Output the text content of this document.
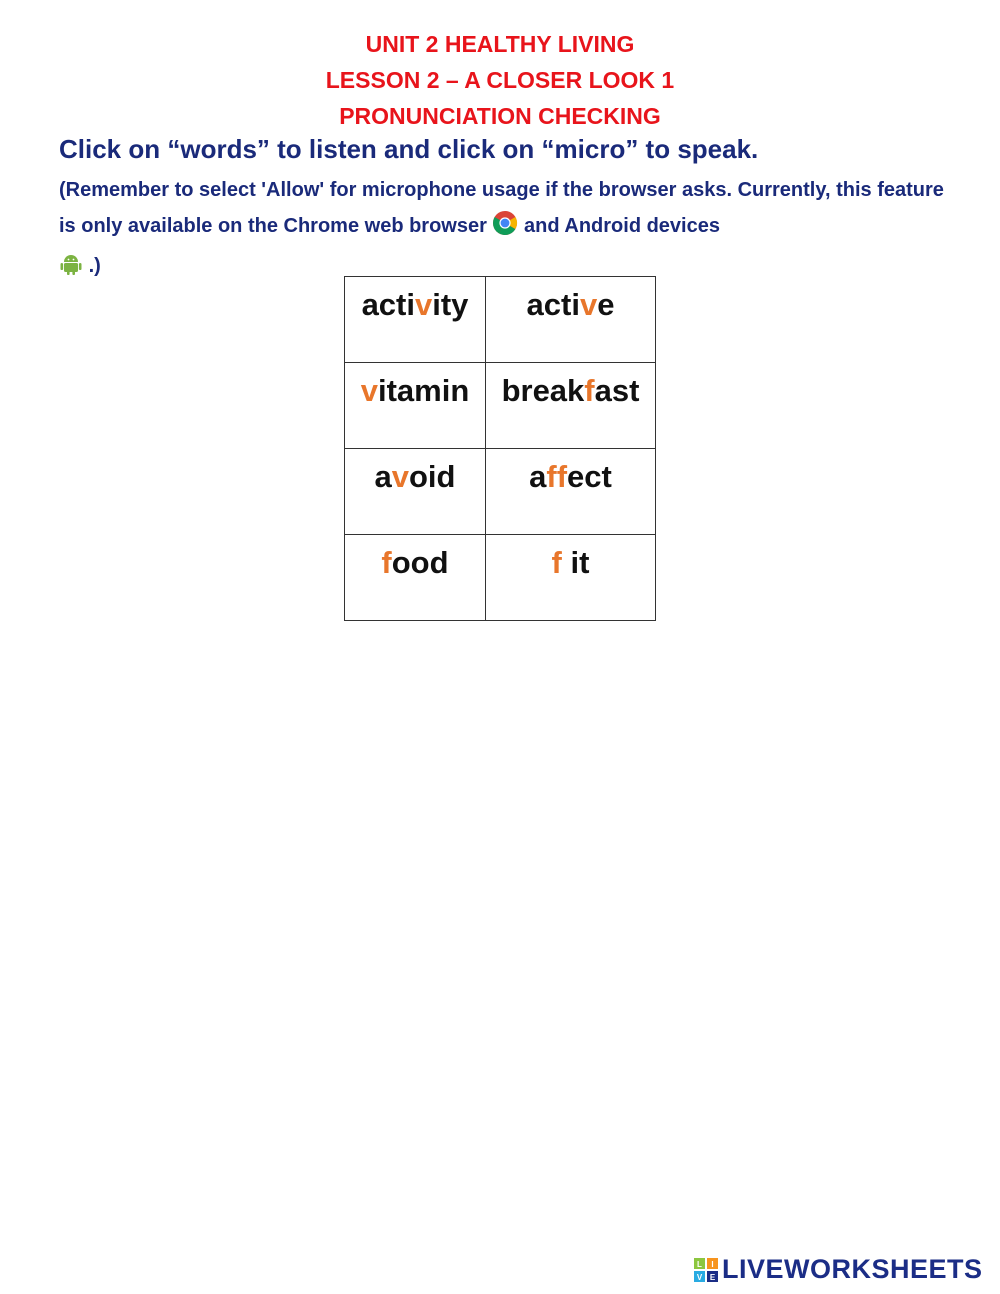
UNIT 2 HEALTHY LIVING
LESSON 2 – A CLOSER LOOK 1
PRONUNCIATION CHECKING
Click on “words” to listen and click on “micro” to speak.
(Remember to select 'Allow' for microphone usage if the browser asks. Currently, this feature is only available on the Chrome web browser and Android devices
.)
activity	active
vitamin	breakfast
avoid	affect
food	f it
L I
V E LIVEWORKSHEETS
